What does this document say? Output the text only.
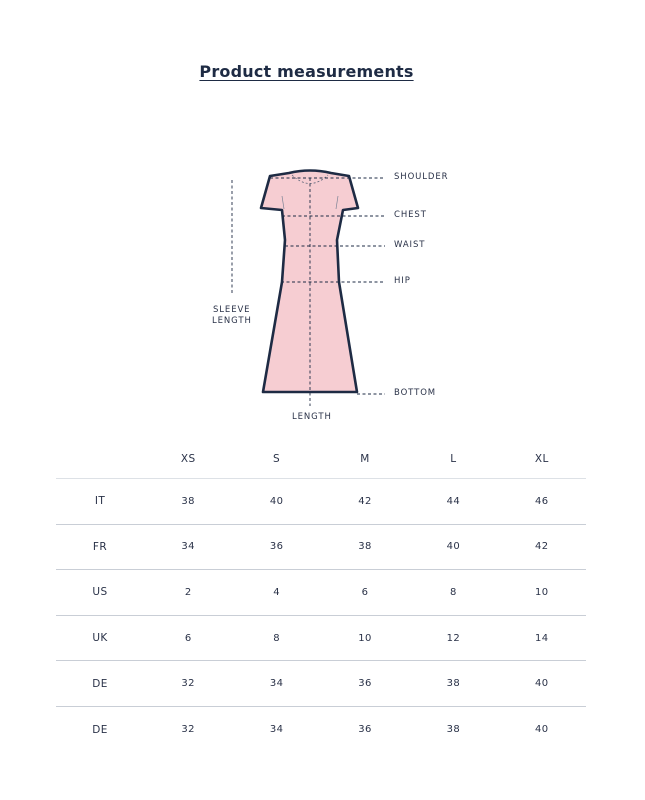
Product measurements
SHOULDER
CHEST
WAIST
HIP
BOTTOM
SLEEVE
LENGTH
LENGTH
	XS	S	M	L	XL
IT	38	40	42	44	46
FR	34	36	38	40	42
US	2	4	6	8	10
UK	6	8	10	12	14
DE	32	34	36	38	40
DE	32	34	36	38	40
